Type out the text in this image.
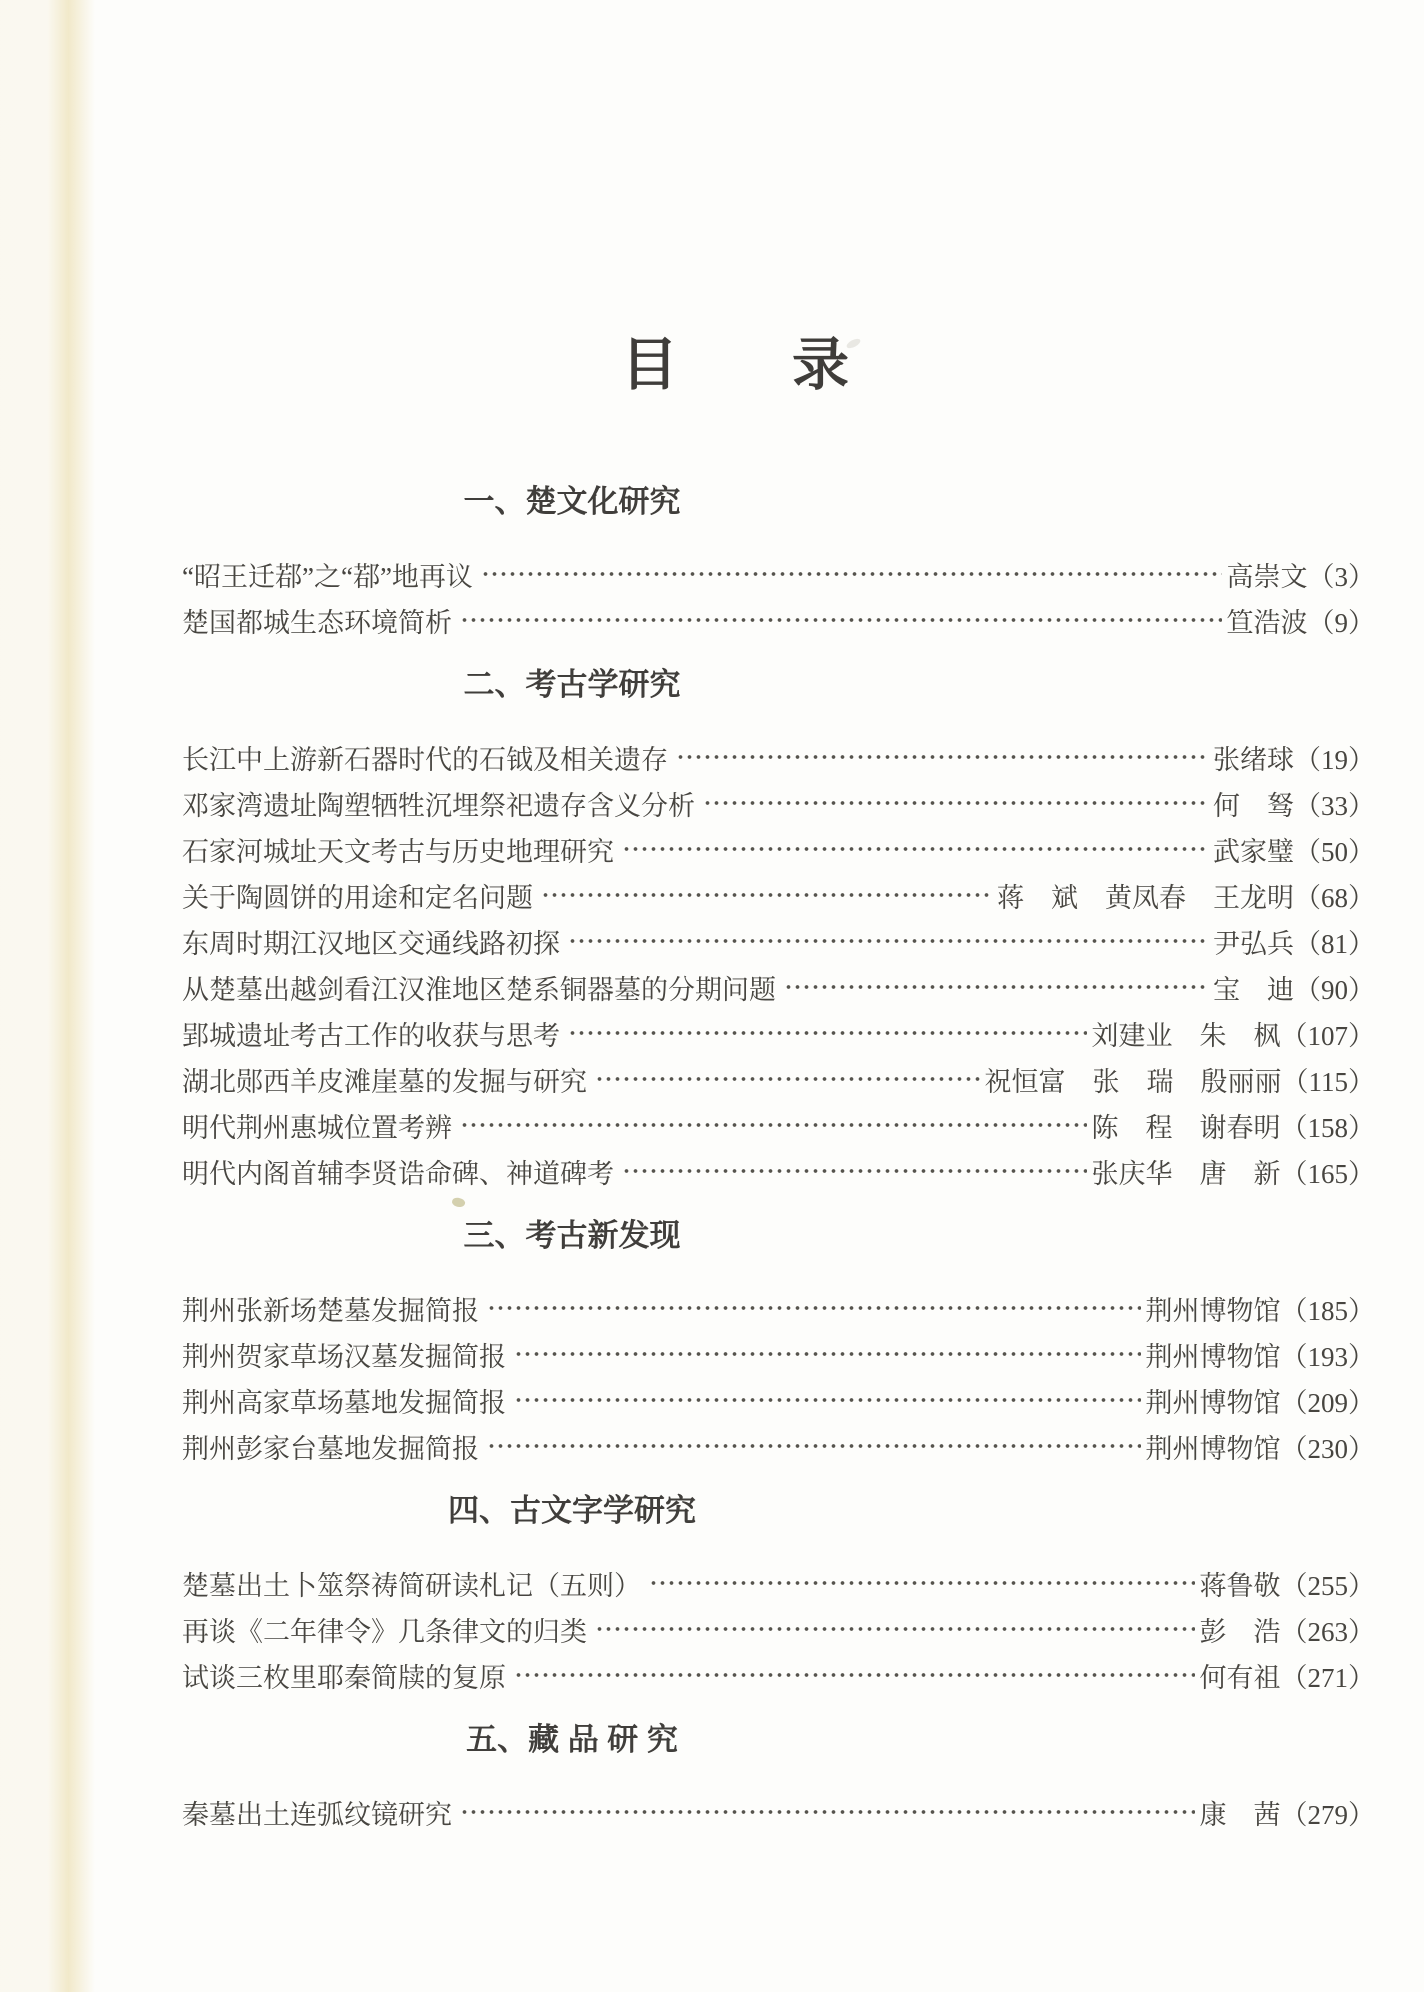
目　　录
一、楚文化研究
“昭王迁鄀”之“鄀”地再议	高崇文（3）
楚国都城生态环境简析	笪浩波（9）
二、考古学研究
长江中上游新石器时代的石钺及相关遗存	张绪球（19）
邓家湾遗址陶塑牺牲沉埋祭祀遗存含义分析	何　驽（33）
石家河城址天文考古与历史地理研究	武家璧（50）
关于陶圆饼的用途和定名问题	蒋　斌　黄凤春　王龙明（68）
东周时期江汉地区交通线路初探	尹弘兵（81）
从楚墓出越剑看江汉淮地区楚系铜器墓的分期问题	宝　迪（90）
郢城遗址考古工作的收获与思考	刘建业　朱　枫（107）
湖北郧西羊皮滩崖墓的发掘与研究	祝恒富　张　瑞　殷丽丽（115）
明代荆州惠城位置考辨	陈　程　谢春明（158）
明代内阁首辅李贤诰命碑、神道碑考	张庆华　唐　新（165）
三、考古新发现
荆州张新场楚墓发掘简报	荆州博物馆（185）
荆州贺家草场汉墓发掘简报	荆州博物馆（193）
荆州高家草场墓地发掘简报	荆州博物馆（209）
荆州彭家台墓地发掘简报	荆州博物馆（230）
四、古文字学研究
楚墓出土卜筮祭祷简研读札记（五则）	蒋鲁敬（255）
再谈《二年律令》几条律文的归类	彭　浩（263）
试谈三枚里耶秦简牍的复原	何有祖（271）
五、藏 品 研 究
秦墓出土连弧纹镜研究	康　茜（279）
